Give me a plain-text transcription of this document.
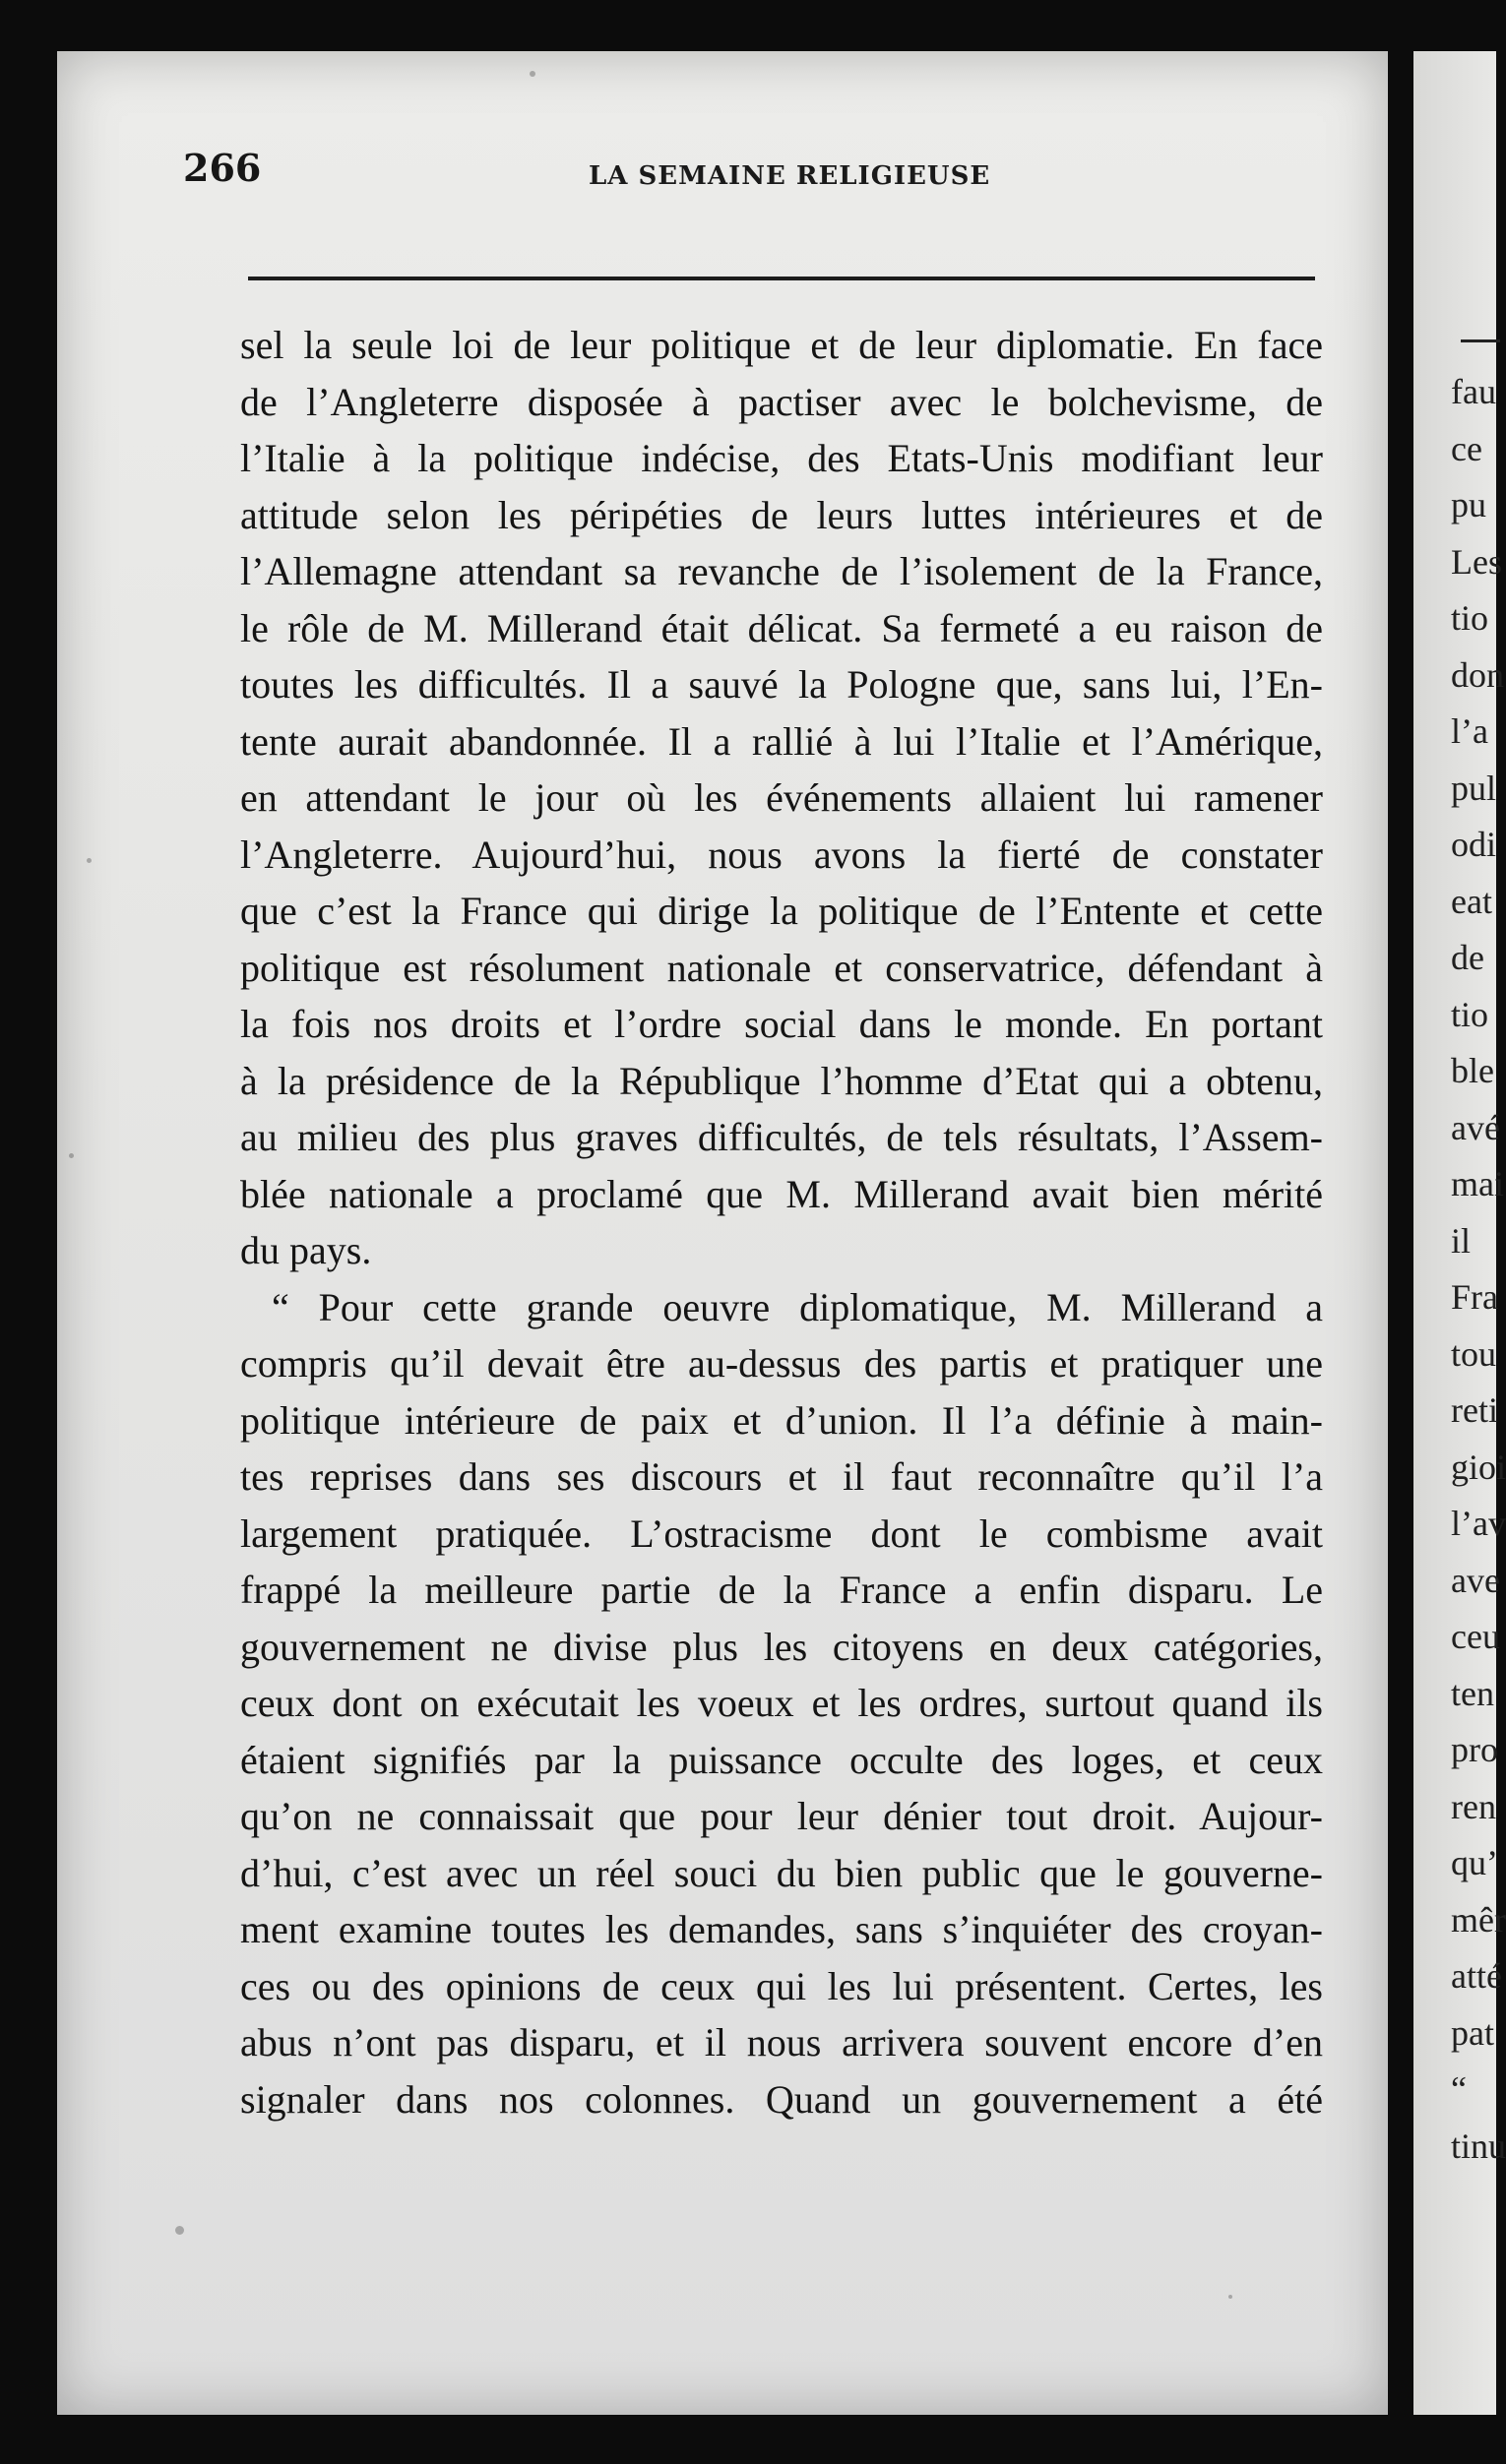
266	LA SEMAINE RELIGIEUSE
sel la seule loi de leur politique et de leur diplomatie. En face
de l’Angleterre disposée à pactiser avec le bolchevisme, de
l’Italie à la politique indécise, des Etats-Unis modifiant leur
attitude selon les péripéties de leurs luttes intérieures et de
l’Allemagne attendant sa revanche de l’isolement de la France,
le rôle de M. Millerand était délicat. Sa fermeté a eu raison de
toutes les difficultés. Il a sauvé la Pologne que, sans lui, l’En-
tente aurait abandonnée. Il a rallié à lui l’Italie et l’Amérique,
en attendant le jour où les événements allaient lui ramener
l’Angleterre. Aujourd’hui, nous avons la fierté de constater
que c’est la France qui dirige la politique de l’Entente et cette
politique est résolument nationale et conservatrice, défendant à
la fois nos droits et l’ordre social dans le monde. En portant
à la présidence de la République l’homme d’Etat qui a obtenu,
au milieu des plus graves difficultés, de tels résultats, l’Assem-
blée nationale a proclamé que M. Millerand avait bien mérité
du pays.
“ Pour cette grande oeuvre diplomatique, M. Millerand a
compris qu’il devait être au-dessus des partis et pratiquer une
politique intérieure de paix et d’union. Il l’a définie à main-
tes reprises dans ses discours et il faut reconnaître qu’il l’a
largement pratiquée. L’ostracisme dont le combisme avait
frappé la meilleure partie de la France a enfin disparu. Le
gouvernement ne divise plus les citoyens en deux catégories,
ceux dont on exécutait les voeux et les ordres, surtout quand ils
étaient signifiés par la puissance occulte des loges, et ceux
qu’on ne connaissait que pour leur dénier tout droit. Aujour-
d’hui, c’est avec un réel souci du bien public que le gouverne-
ment examine toutes les demandes, sans s’inquiéter des croyan-
ces ou des opinions de ceux qui les lui présentent. Certes, les
abus n’ont pas disparu, et il nous arrivera souvent encore d’en
signaler dans nos colonnes. Quand un gouvernement a été
fau
ce
pu
Les
tio
don
l’a
pul
odi
eat
de
tio
ble
avé
mai
il
Fra
tou
reti
gioi
l’av
ave
ceu
ten
pro
ren
qu’
mêr
atté
pat
“
tinu
